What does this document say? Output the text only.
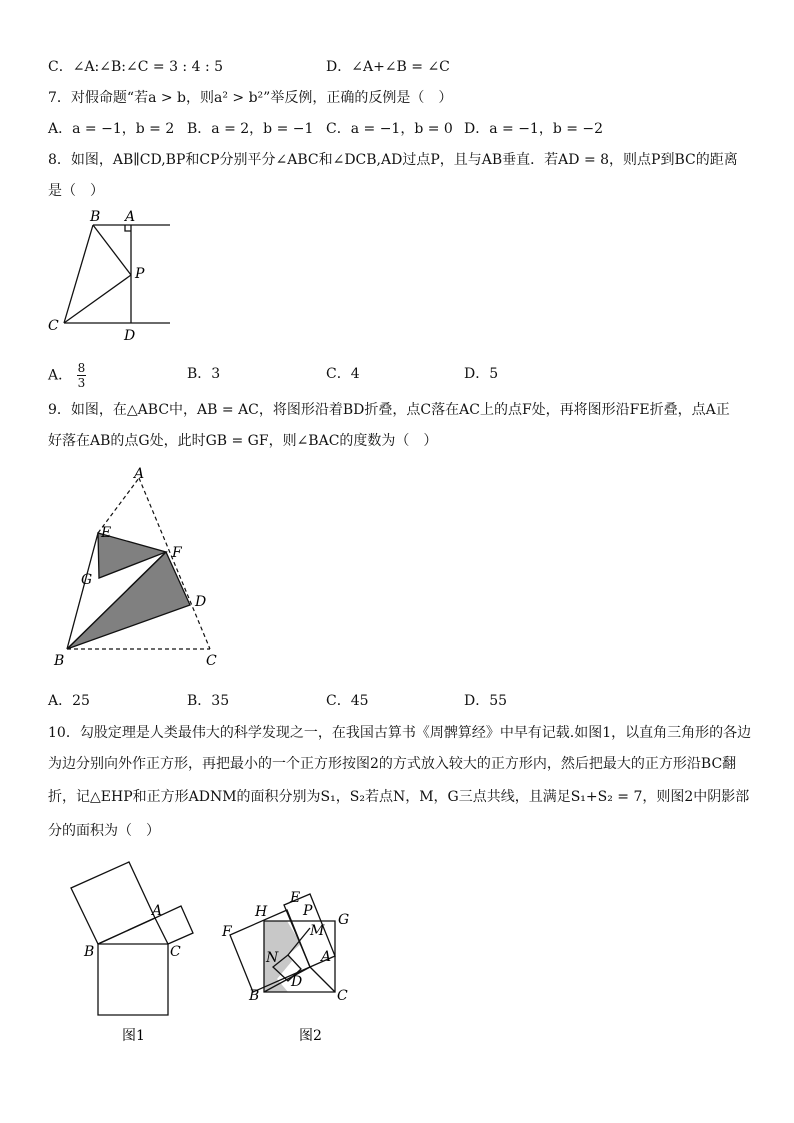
C．∠A:∠B:∠C = 3 : 4 : 5	D．∠A+∠B = ∠C
7．对假命题“若a > b，则a² > b²”举反例，正确的反例是（　）
A．a = −1，b = 2 B．a = 2，b = −1 C．a = −1，b = 0 D．a = −1，b = −2
8．如图，AB∥CD,BP和CP分别平分∠ABC和∠DCB,AD过点P，且与AB垂直．若AD = 8，则点P到BC的距离
是（　）
B A
P
C
D
A． $\frac{8}{3}$	B．3	C．4	D．5
9．如图，在△ABC中，AB = AC，将图形沿着BD折叠，点C落在AC上的点F处，再将图形沿FE折叠，点A正
好落在AB的点G处，此时GB = GF，则∠BAC的度数为（　）
A
E
F
G
D
B	C
A．25	B．35	C．45	D．55
10．勾股定理是人类最伟大的科学发现之一，在我国古算书《周髀算经》中早有记载.如图1，以直角三角形的各边
为边分别向外作正方形，再把最小的一个正方形按图2的方式放入较大的正方形内，然后把最大的正方形沿BC翻
折，记△EHP和正方形ADNM的面积分别为S₁，S₂若点N，M，G三点共线，且满足S₁+S₂ = 7，则图2中阴影部
分的面积为（　）
A
B	C
图1
H
E
P
G
F	M
N	A
D
B	C
图2
